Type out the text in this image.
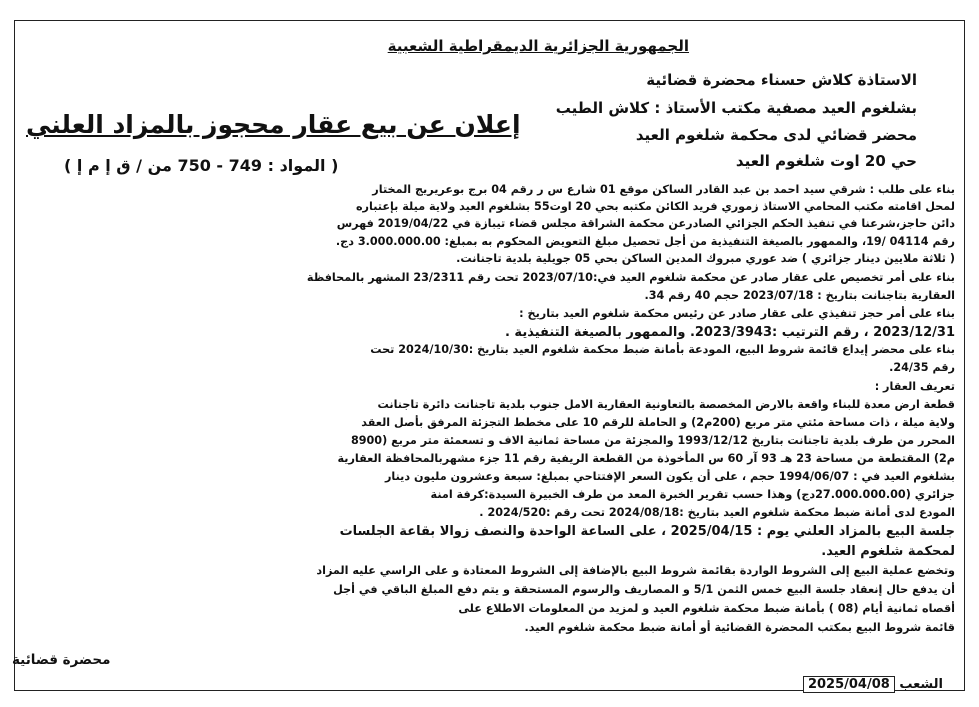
الجمهورية الجزائرية الديمقراطية الشعبية
الاستاذة كلاش حسناء محضرة قضائية
بشلغوم العيد مصفية مكتب الأستاذ : كلاش الطيب
محضر قضائي لدى محكمة شلغوم العيد
حي 20 اوت شلغوم العيد
إعلان عن بيع عقار محجوز بالمزاد العلني
( المواد : 749 - 750 من / ق إ م إ )
بناء على طلب : شرقي سيد احمد بن عبد القادر الساكن موقع 01 شارع س ر رقم 04 برج بوعريريج المختار
لمحل اقامته مكتب المحامي الاستاذ زموري فريد الكائن مكتبه بحي 20 اوت55 بشلغوم العيد ولاية ميلة بإعتباره
دائن حاجز،شرعنا في تنفيذ الحكم الجزائي الصادرعن محكمة الشراقة مجلس قضاء تيبازة في 2019/04/22 فهرس
رقم 04114 /19، والممهور بالصيغة التنفيذية من أجل تحصيل مبلغ التعويض المحكوم به بمبلغ: 3.000.000.00 دج.
( ثلاثة ملايين دينار جزائري ) ضد عوري مبروك المدين الساكن بحي 05 جويلية بلدية تاجنانت.
بناء على أمر تخصيص على عقار صادر عن محكمة شلغوم العيد في:2023/07/10 تحت رقم 23/2311 المشهر بالمحافظة
العقارية بتاجنانت بتاريخ : 2023/07/18 حجم 40 رقم 34.
بناء على أمر حجز تنفيذي على عقار صادر عن رئيس محكمة شلغوم العيد بتاريخ :
2023/12/31 ، رقم الترتيب :2023/3943. والممهور بالصيغة التنفيذية .
بناء على محضر إيداع قائمة شروط البيع، المودعة بأمانة ضبط محكمة شلغوم العيد بتاريخ :2024/10/30 تحت
رقم 24/35.
تعريف العقار :
قطعة ارض معدة للبناء واقعة بالارض المخصصة بالتعاونية العقارية الامل جنوب بلدية تاجنانت دائرة تاجنانت
ولاية ميلة ، ذات مساحة مئتي متر مربع (200م2) و الحاملة للرقم 10 على مخطط التجزئة المرفق بأصل العقد
المحرر من طرف بلدية تاجنانت بتاريخ 1993/12/12 والمجزئة من مساحة ثمانية الاف و تسعمئة متر مربع (8900
م2) المقتطعة من مساحة 23 هـ 93 آر 60 س المأخوذة من القطعة الريفية رقم 11 جزء مشهربالمحافظة العقارية
بشلغوم العيد في : 1994/06/07 حجم ، على أن يكون السعر الإفتتاحي بمبلغ: سبعة وعشرون مليون دينار
جزائري (27.000.000.00دج) وهذا حسب تقرير الخبرة المعد من طرف الخبيرة السيدة:كرفة امنة
المودع لدى أمانة ضبط محكمة شلغوم العيد بتاريخ :2024/08/18 تحت رقم :2024/520 .
جلسة البيع بالمزاد العلني يوم : 2025/04/15 ، على الساعة الواحدة والنصف زوالا بقاعة الجلسات
لمحكمة شلغوم العيد.
وتخضع عملية البيع إلى الشروط الواردة بقائمة شروط البيع بالإضافة إلى الشروط المعتادة و على الراسي عليه المزاد
أن يدفع حال إنعقاد جلسة البيع خمس الثمن 5/1 و المصاريف والرسوم المستحقة و يتم دفع المبلغ الباقي في أجل
أقصاه ثمانية أيام (08 ) بأمانة ضبط محكمة شلغوم العيد و لمزيد من المعلومات الاطلاع على
قائمة شروط البيع بمكتب المحضرة القضائية أو أمانة ضبط محكمة شلغوم العيد.
محضرة قضائية
2025/04/08 الشعب
